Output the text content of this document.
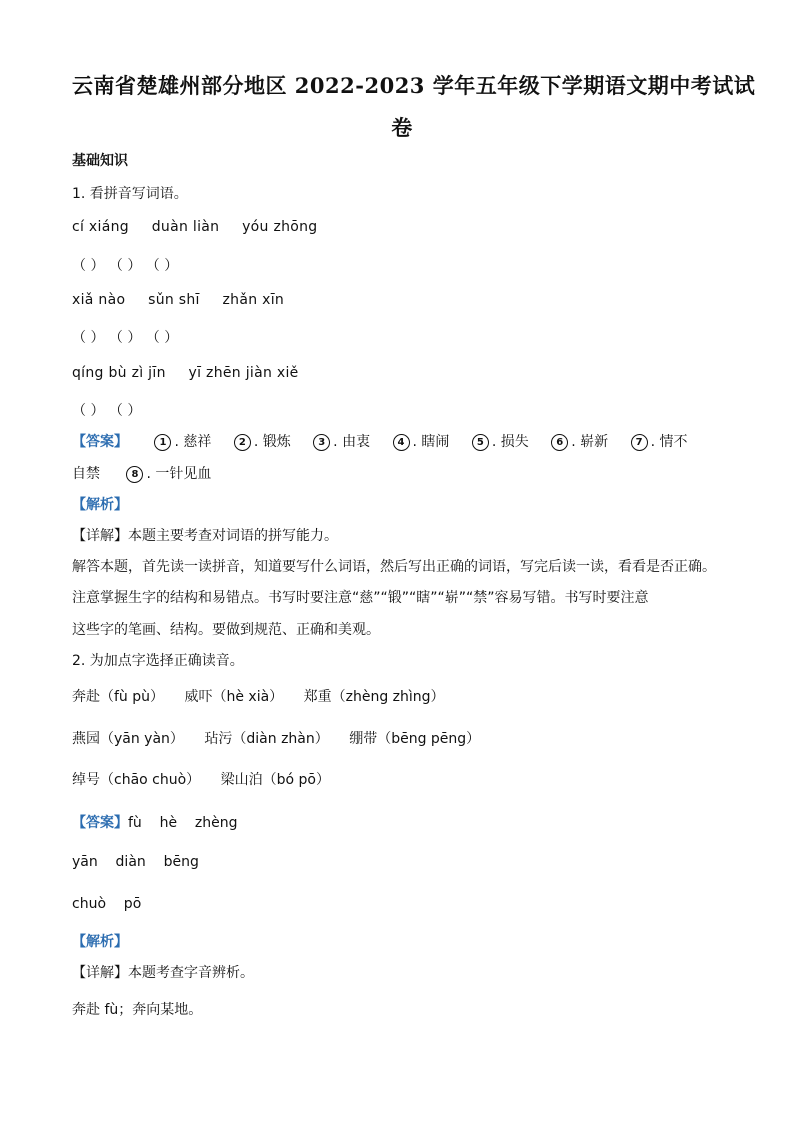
云南省楚雄州部分地区 2022-2023 学年五年级下学期语文期中考试试
卷
基础知识
1. 看拼音写词语。
cí xiáng duàn liàn yóu zhōng
（ ） （ ） （ ）
xiǎ nào sǔn shī zhǎn xīn
（ ） （ ） （ ）
qíng bù zì jīn yī zhēn jiàn xiě
（ ） （ ）
【答案】	1 . 慈祥	2 . 锻炼	3 . 由衷	4 . 瞎闹	5 . 损失	6 . 崭新	7 . 情不
自禁	8 . 一针见血
【解析】
【详解】本题主要考查对词语的拼写能力。
解答本题，首先读一读拼音，知道要写什么词语，然后写出正确的词语，写完后读一读，看看是否正确。
注意掌握生字的结构和易错点。书写时要注意“慈”“锻”“瞎”“崭”“禁”容易写错。书写时要注意
这些字的笔画、结构。要做到规范、正确和美观。
2. 为加点字选择正确读音。
奔赴（fù pù） 威吓（hè xià） 郑重（zhèng zhìng）
燕园（yān yàn） 玷污（diàn zhàn） 绷带（bēng pēng）
绰号（chāo chuò） 梁山泊（bó pō）
【答案】fù    hè    zhèng
yān    diàn    bēng
chuò    pō
【解析】
【详解】本题考查字音辨析。
奔赴 fù；奔向某地。
